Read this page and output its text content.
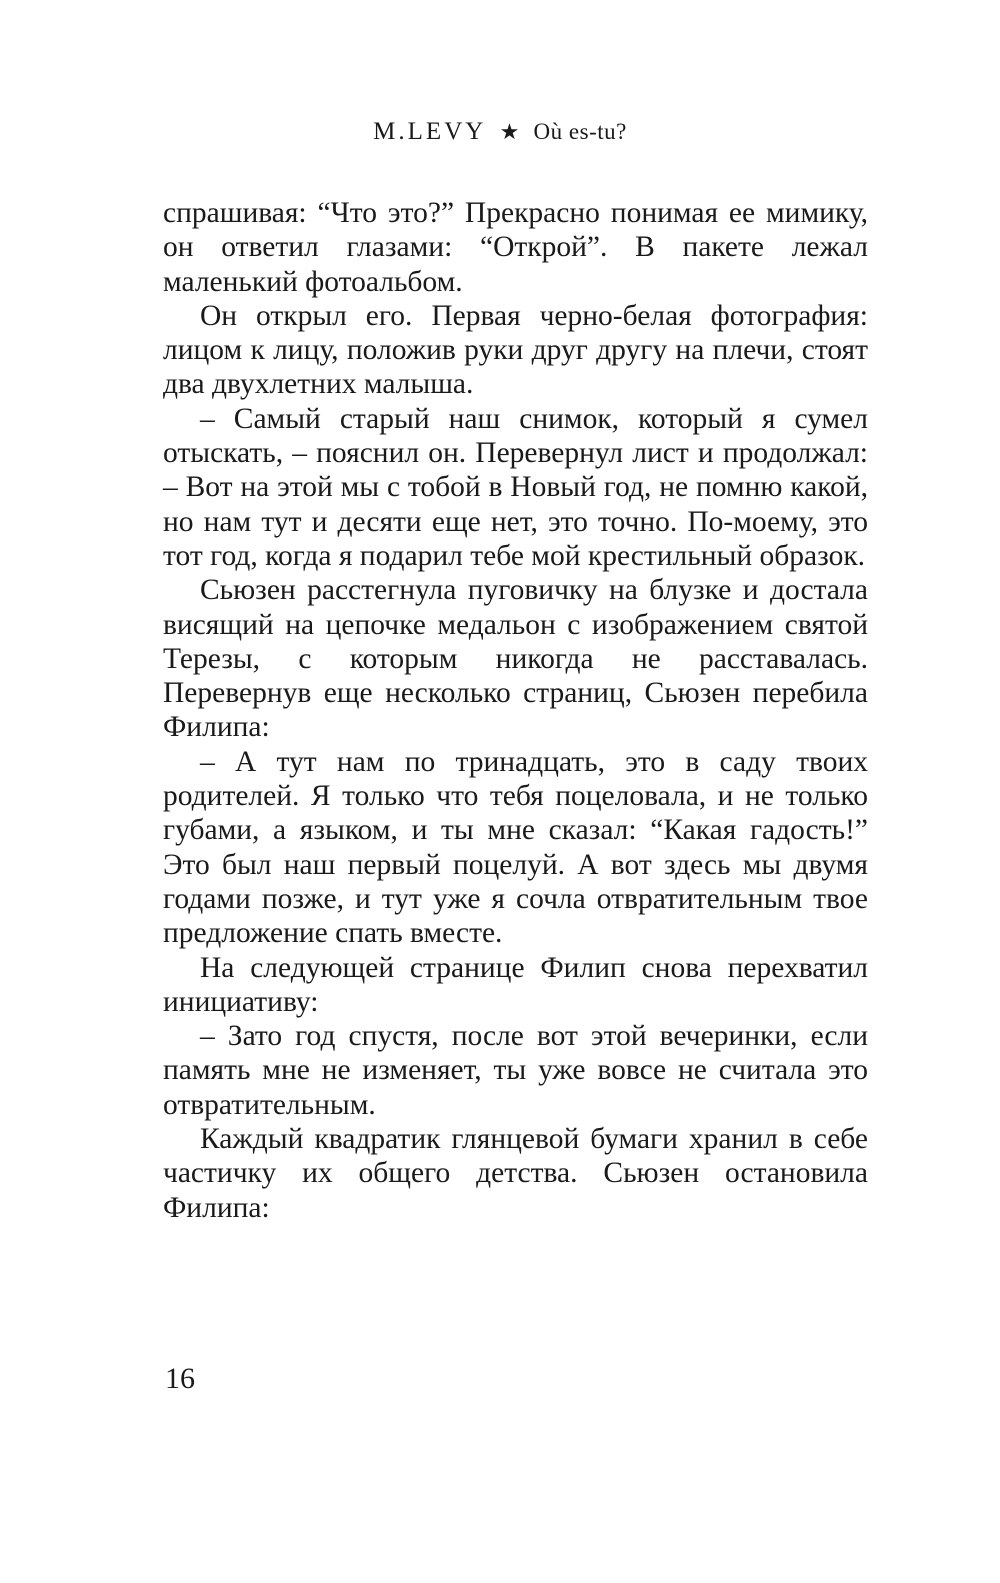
M.LEVY ★ Où es-tu?

спрашивая: “Что это?” Прекрасно понимая ее мимику, он ответил глазами: “Открой”. В пакете лежал маленький фотоальбом.

Он открыл его. Первая черно-белая фотография: лицом к лицу, положив руки друг другу на плечи, стоят два двухлетних малыша.

– Самый старый наш снимок, который я сумел отыскать, – пояснил он. Перевернул лист и продолжал: – Вот на этой мы с тобой в Новый год, не помню какой, но нам тут и десяти еще нет, это точно. По-моему, это тот год, когда я подарил тебе мой крестильный образок.

Сьюзен расстегнула пуговичку на блузке и достала висящий на цепочке медальон с изображением святой Терезы, с которым никогда не расставалась. Перевернув еще несколько страниц, Сьюзен перебила Филипа:

– А тут нам по тринадцать, это в саду твоих родителей. Я только что тебя поцеловала, и не только губами, а языком, и ты мне сказал: “Какая гадость!” Это был наш первый поцелуй. А вот здесь мы двумя годами позже, и тут уже я сочла отвратительным твое предложение спать вместе.

На следующей странице Филип снова перехватил инициативу:

– Зато год спустя, после вот этой вечеринки, если память мне не изменяет, ты уже вовсе не считала это отвратительным.

Каждый квадратик глянцевой бумаги хранил в себе частичку их общего детства. Сьюзен остановила Филипа:

16
